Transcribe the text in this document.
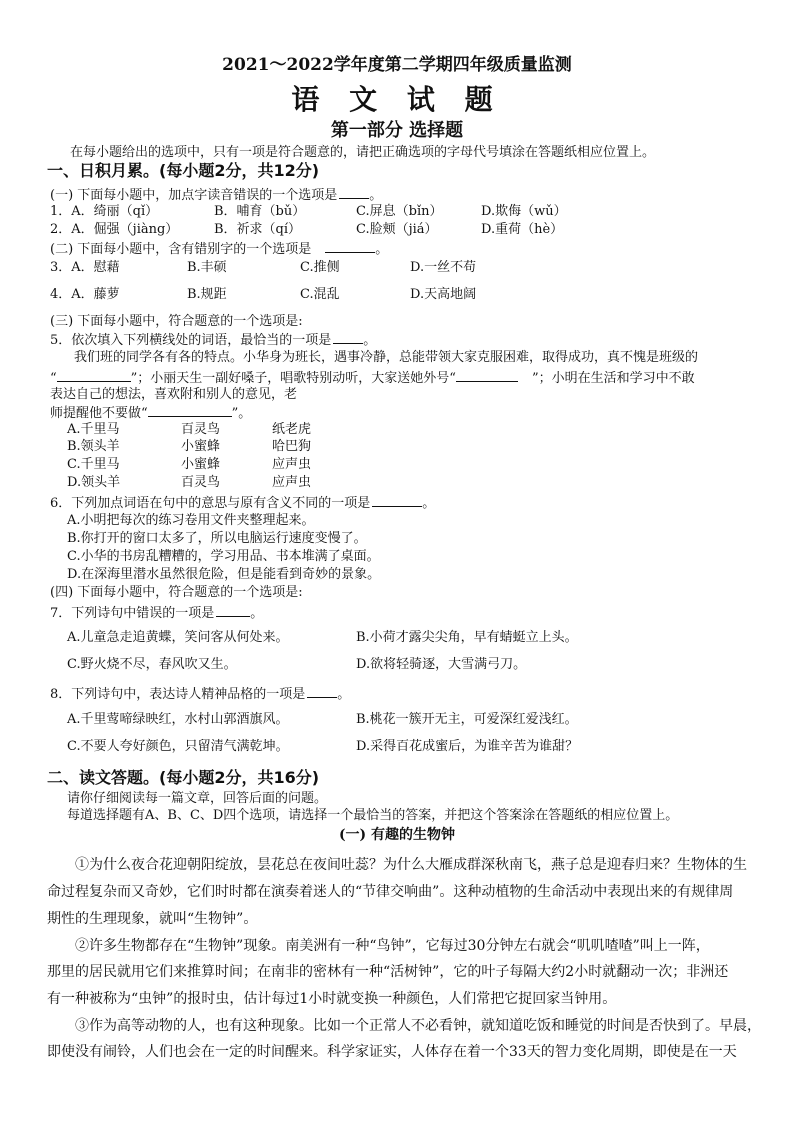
2021～2022学年度第二学期四年级质量监测
语 文 试 题
第一部分 选择题
在每小题给出的选项中，只有一项是符合题意的，请把正确选项的字母代号填涂在答题纸相应位置上。
一、日积月累。(每小题2分，共12分)
(一) 下面每小题中，加点字读音错误的一个选项是 。
1．A．绮丽（qǐ）	B．哺育（bǔ）	C.屏息（bǐn）	D.欺侮（wǔ）
2．A．倔强（jiàng）	B．祈求（qí）	C.脸颊（jiá）	D.重荷（hè）
(二) 下面每小题中，含有错别字的一个选项是	。
3．A．慰藉	B.丰硕	C.推侧	D.一丝不苟
4．A．藤萝	B.规距	C.混乱	D.天高地阔
(三) 下面每小题中，符合题意的一个选项是:
5．依次填入下列横线处的词语，最恰当的一项是 。
我们班的同学各有各的特点。小华身为班长，遇事冷静，总能带领大家克服困难，取得成功，真不愧是班级的
“	”；小丽天生一副好嗓子，唱歌特别动听，大家送她外号“	”；小明在生活和学习中不敢
表达自己的想法，喜欢附和别人的意见，老
师提醒他不要做“	”。
A.千里马	百灵鸟	纸老虎
B.领头羊	小蜜蜂	哈巴狗
C.千里马	小蜜蜂	应声虫
D.领头羊	百灵鸟	应声虫
6．下列加点词语在句中的意思与原有含义不同的一项是	。
A.小明把每次的练习卷用文件夹整理起来。
B.你打开的窗口太多了，所以电脑运行速度变慢了。
C.小华的书房乱糟糟的，学习用品、书本堆满了桌面。
D.在深海里潜水虽然很危险，但是能看到奇妙的景象。
(四) 下面每小题中，符合题意的一个选项是:
7．下列诗句中错误的一项是	。
A.儿童急走追黄蝶，笑问客从何处来。	B.小荷才露尖尖角，早有蜻蜓立上头。
C.野火烧不尽，春风吹又生。	D.欲将轻骑逐，大雪满弓刀。
8．下列诗句中，表达诗人精神品格的一项是 。
A.千里莺啼绿映红，水村山郭酒旗风。	B.桃花一簇开无主，可爱深红爱浅红。
C.不要人夸好颜色，只留清气满乾坤。	D.采得百花成蜜后，为谁辛苦为谁甜？
二、读文答题。(每小题2分，共16分)
请你仔细阅读每一篇文章，回答后面的问题。
每道选择题有A、B、C、D四个选项，请选择一个最恰当的答案，并把这个答案涂在答题纸的相应位置上。
(一) 有趣的生物钟
①为什么夜合花迎朝阳绽放，昙花总在夜间吐蕊？为什么大雁成群深秋南飞，燕子总是迎春归来？生物体的生
命过程复杂而又奇妙，它们时时都在演奏着迷人的“节律交响曲”。这种动植物的生命活动中表现出来的有规律周
期性的生理现象，就叫“生物钟”。
②许多生物都存在“生物钟”现象。南美洲有一种“鸟钟”，它每过30分钟左右就会“叽叽喳喳”叫上一阵，
那里的居民就用它们来推算时间；在南非的密林有一种“活树钟”，它的叶子每隔大约2小时就翻动一次；非洲还
有一种被称为“虫钟”的报时虫，估计每过1小时就变换一种颜色，人们常把它捉回家当钟用。
③作为高等动物的人，也有这种现象。比如一个正常人不必看钟，就知道吃饭和睡觉的时间是否快到了。早晨，
即使没有闹铃，人们也会在一定的时间醒来。科学家证实，人体存在着一个33天的智力变化周期，即使是在一天
